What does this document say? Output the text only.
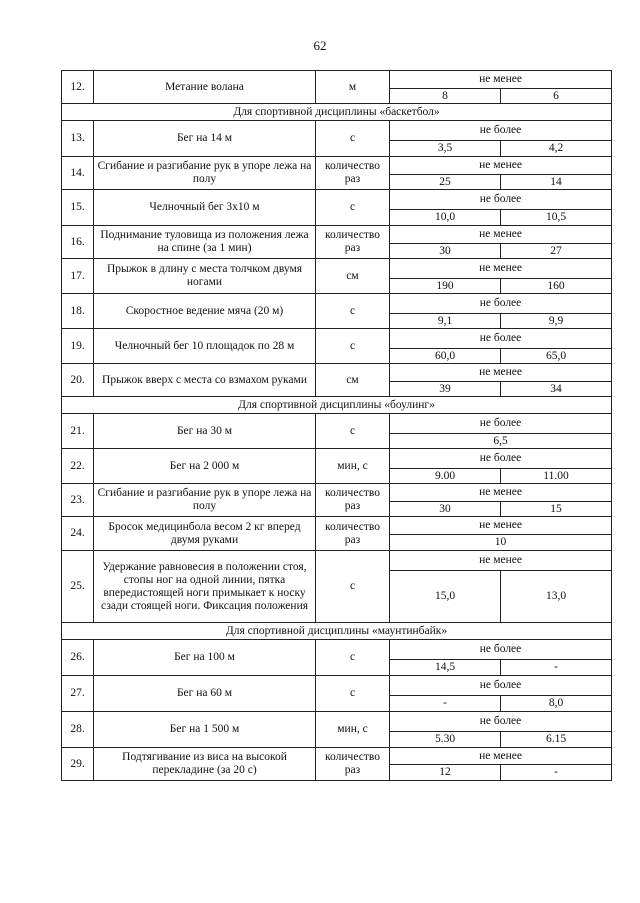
62
12.	Метание волана	м	не менее	
			8	6
Для спортивной дисциплины «баскетбол»				
13.	Бег на 14 м	с	не более	
			3,5	4,2
14.	Сгибание и разгибание рук в упоре лежа на полу	количество раз	не менее	
			25	14
15.	Челночный бег 3х10 м	с	не более	
			10,0	10,5
16.	Поднимание туловища из положения лежа на спине (за 1 мин)	количество раз	не менее	
			30	27
17.	Прыжок в длину с места толчком двумя ногами	см	не менее	
			190	160
18.	Скоростное ведение мяча (20 м)	с	не более	
			9,1	9,9
19.	Челночный бег 10 площадок по 28 м	с	не более	
			60,0	65,0
20.	Прыжок вверх с места со взмахом руками	см	не менее	
			39	34
Для спортивной дисциплины «боулинг»				
21.	Бег на 30 м	с	не более	
			6,5	
22.	Бег на 2 000 м	мин, с	не более	
			9.00	11.00
23.	Сгибание и разгибание рук в упоре лежа на полу	количество раз	не менее	
			30	15
24.	Бросок медицинбола весом 2 кг вперед двумя руками	количество раз	не менее	
			10	
25.	Удержание равновесия в положении стоя, стопы ног на одной линии, пятка впередистоящей ноги примыкает к носку сзади стоящей ноги. Фиксация положения	с	не менее	
			15,0	13,0
Для спортивной дисциплины «маунтинбайк»				
26.	Бег на 100 м	с	не более	
			14,5	-
27.	Бег на 60 м	с	не более	
			-	8,0
28.	Бег на 1 500 м	мин, с	не более	
			5.30	6.15
29.	Подтягивание из виса на высокой перекладине (за 20 с)	количество раз	не менее	
			12	-
